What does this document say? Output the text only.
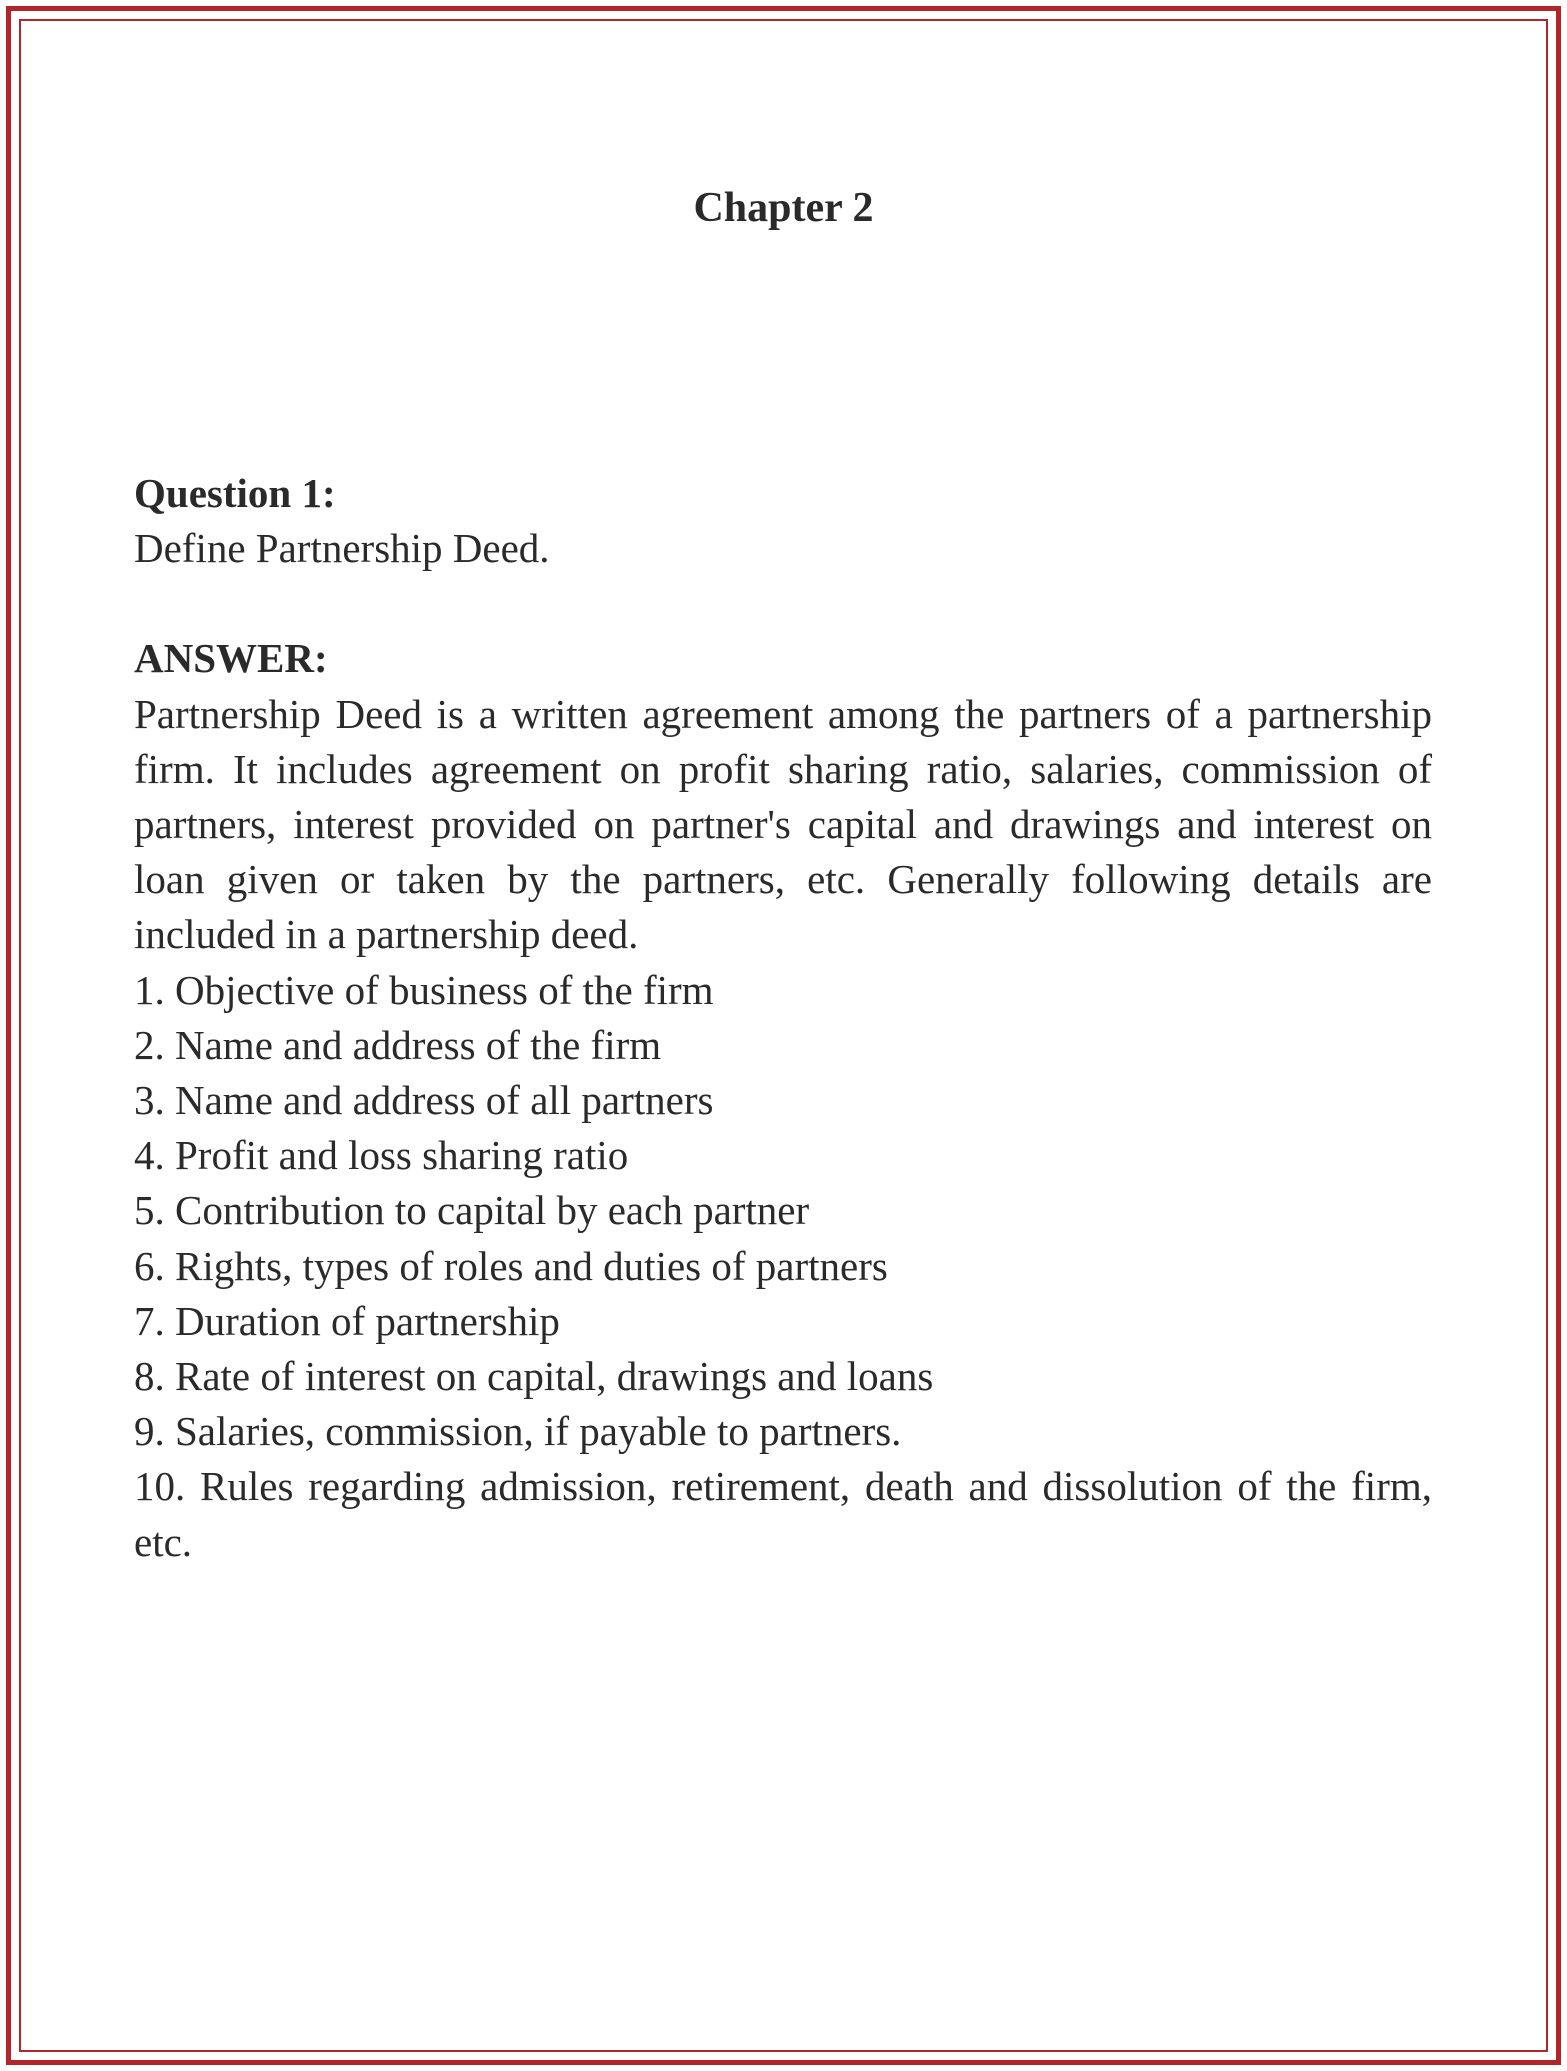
Chapter 2
Question 1:
Define Partnership Deed.
ANSWER:
Partnership Deed is a written agreement among the partners of a partnership firm. It includes agreement on profit sharing ratio, salaries, commission of partners, interest provided on partner's capital and drawings and interest on loan given or taken by the partners, etc. Generally following details are included in a partnership deed.
1. Objective of business of the firm
2. Name and address of the firm
3. Name and address of all partners
4. Profit and loss sharing ratio
5. Contribution to capital by each partner
6. Rights, types of roles and duties of partners
7. Duration of partnership
8. Rate of interest on capital, drawings and loans
9. Salaries, commission, if payable to partners.
10. Rules regarding admission, retirement, death and dissolution of the firm, etc.
